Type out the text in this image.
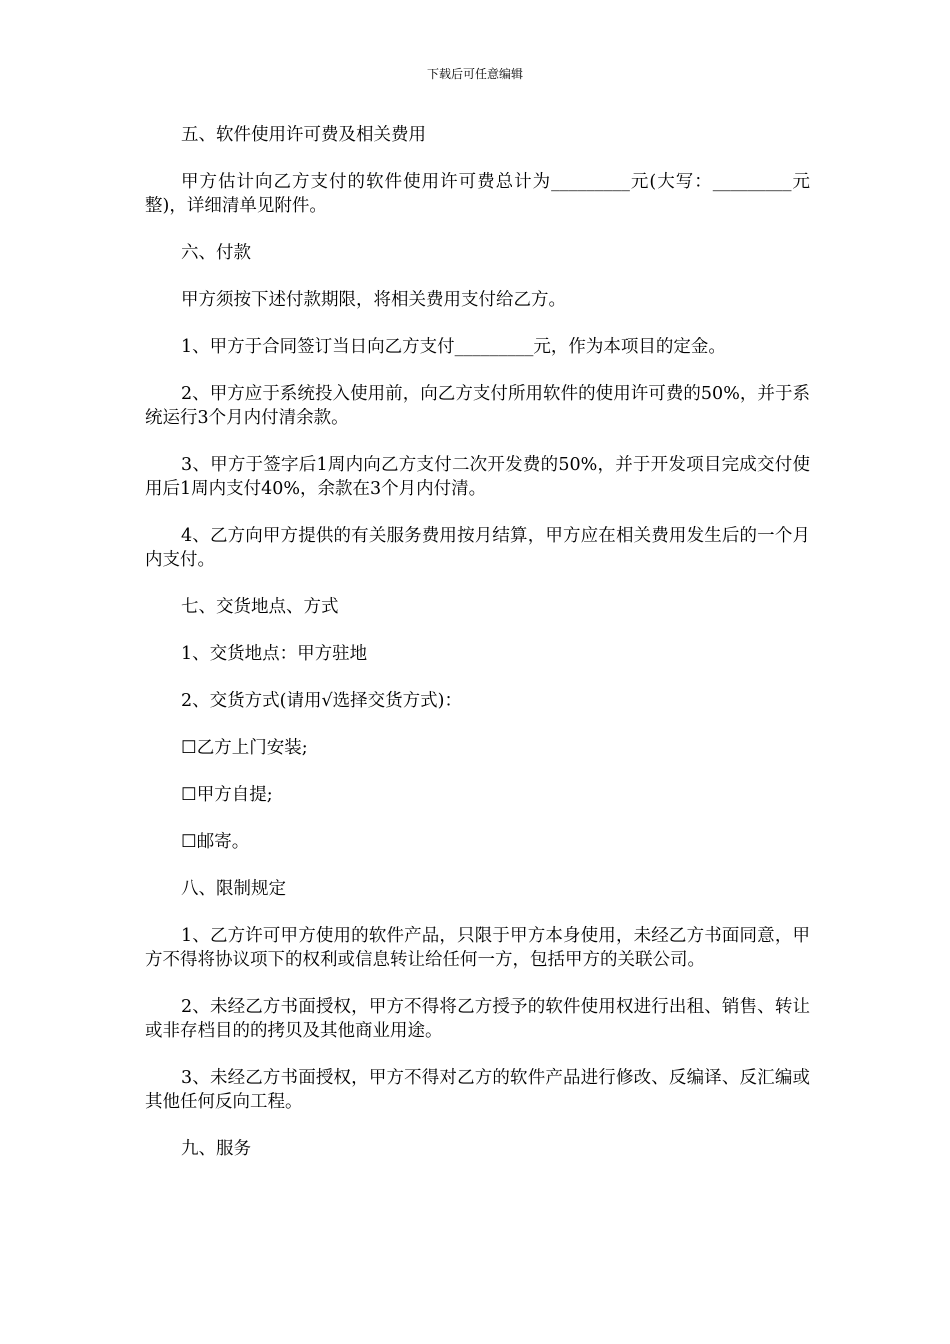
下载后可任意编辑

五、软件使用许可费及相关费用

甲方估计向乙方支付的软件使用许可费总计为_________元(大写：_________元整)，详细清单见附件。

六、付款

甲方须按下述付款期限，将相关费用支付给乙方。

1、甲方于合同签订当日向乙方支付_________元，作为本项目的定金。

2、甲方应于系统投入使用前，向乙方支付所用软件的使用许可费的50%，并于系统运行3个月内付清余款。

3、甲方于签字后1周内向乙方支付二次开发费的50%，并于开发项目完成交付使用后1周内支付40%，余款在3个月内付清。

4、乙方向甲方提供的有关服务费用按月结算，甲方应在相关费用发生后的一个月内支付。

七、交货地点、方式

1、交货地点：甲方驻地

2、交货方式(请用√选择交货方式)：

☐乙方上门安装;

☐甲方自提;

☐邮寄。

八、限制规定

1、乙方许可甲方使用的软件产品，只限于甲方本身使用，未经乙方书面同意，甲方不得将协议项下的权利或信息转让给任何一方，包括甲方的关联公司。

2、未经乙方书面授权，甲方不得将乙方授予的软件使用权进行出租、销售、转让或非存档目的的拷贝及其他商业用途。

3、未经乙方书面授权，甲方不得对乙方的软件产品进行修改、反编译、反汇编或其他任何反向工程。

九、服务
